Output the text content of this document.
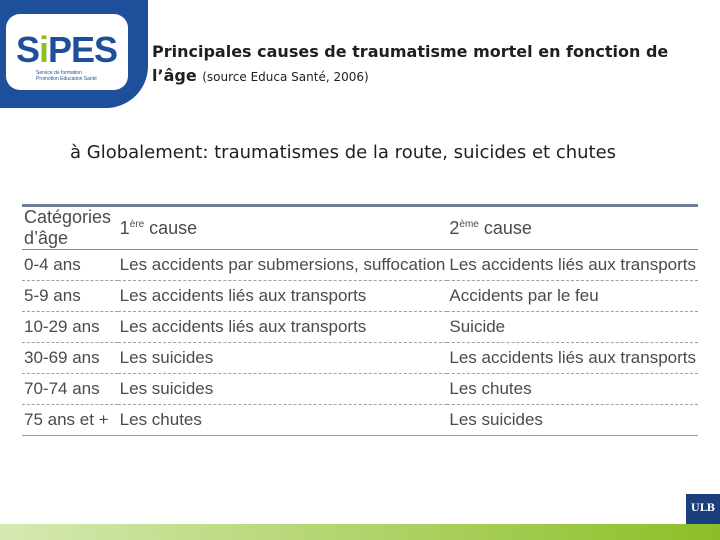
SiPES
Service de formation
Promotion Education Santé
Principales causes de traumatisme mortel en fonction de l’âge (source Educa Santé, 2006)
à Globalement: traumatismes de la route, suicides et chutes
Catégories d’âge	1ère cause	2ème cause
0-4 ans	Les accidents par submersions, suffocation	Les accidents liés aux transports
5-9 ans	Les accidents liés aux transports	Accidents par le feu
10-29 ans	Les accidents liés aux transports	Suicide
30-69 ans	Les suicides	Les accidents liés aux transports
70-74 ans	Les suicides	Les chutes
75 ans et +	Les chutes	Les suicides
ULB
